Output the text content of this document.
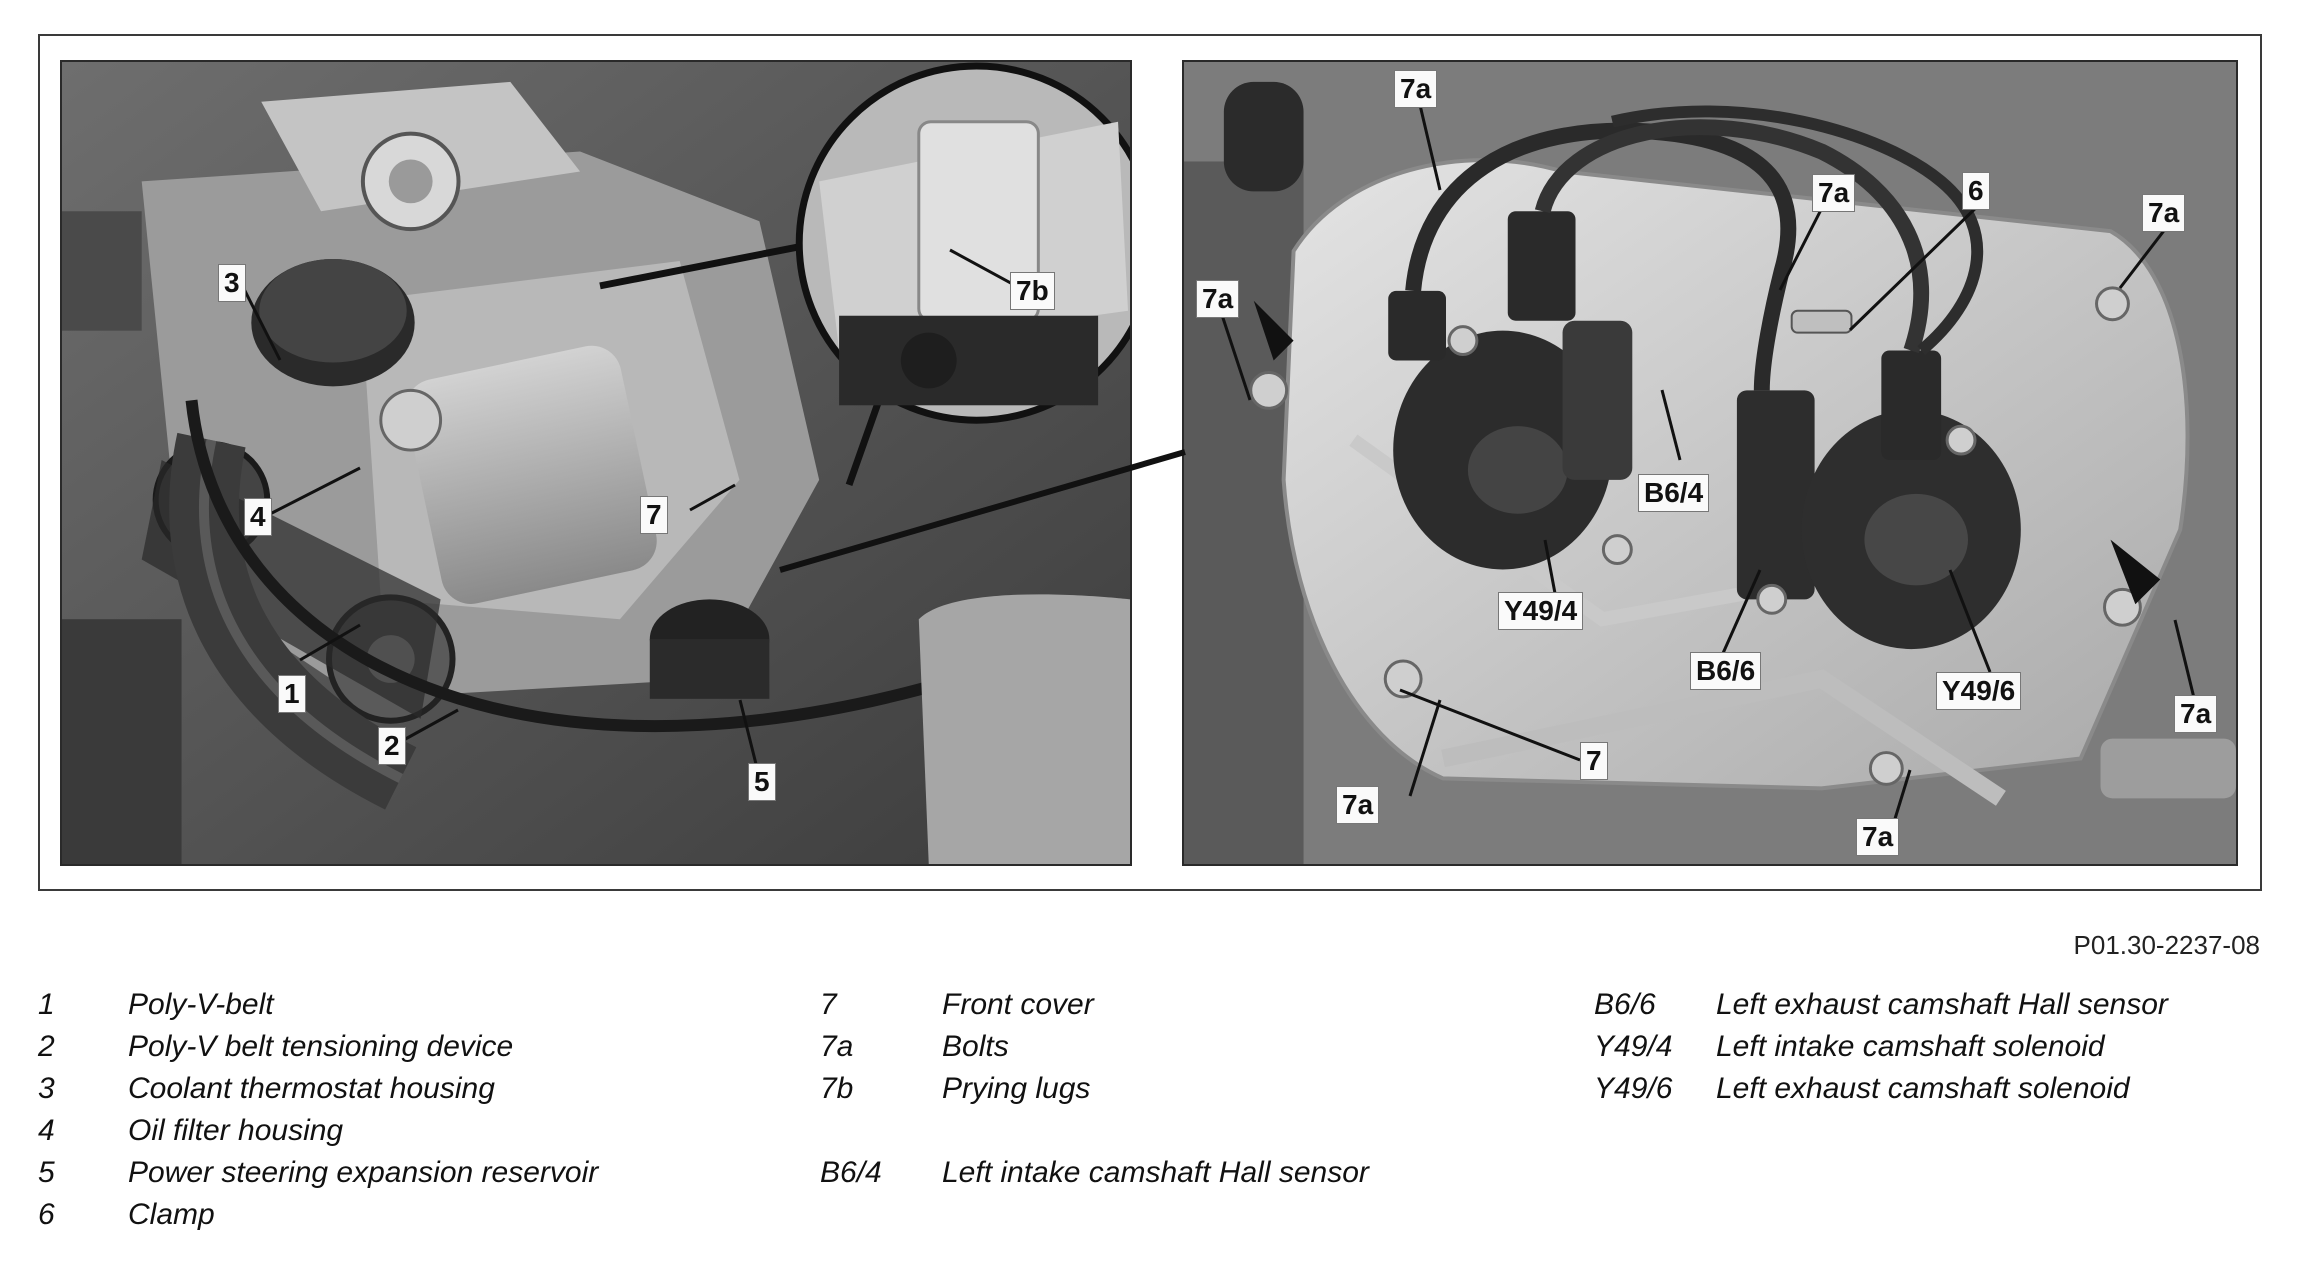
3
1
4
2
5
7
7b
7a
7a
7a	6
7a
7a
7a
7a
B6/4
Y49/4
B6/6
Y49/6
7
P01.30-2237-08
1 Poly-V-belt
2 Poly-V belt tensioning device
3 Coolant thermostat housing
4 Oil filter housing
5 Power steering expansion reservoir
6 Clamp
7	Front cover
7a	Bolts
7b	Prying lugs
B6/4 Left intake camshaft Hall sensor
B6/6 Left exhaust camshaft Hall sensor
Y49/4 Left intake camshaft solenoid
Y49/6 Left exhaust camshaft solenoid
